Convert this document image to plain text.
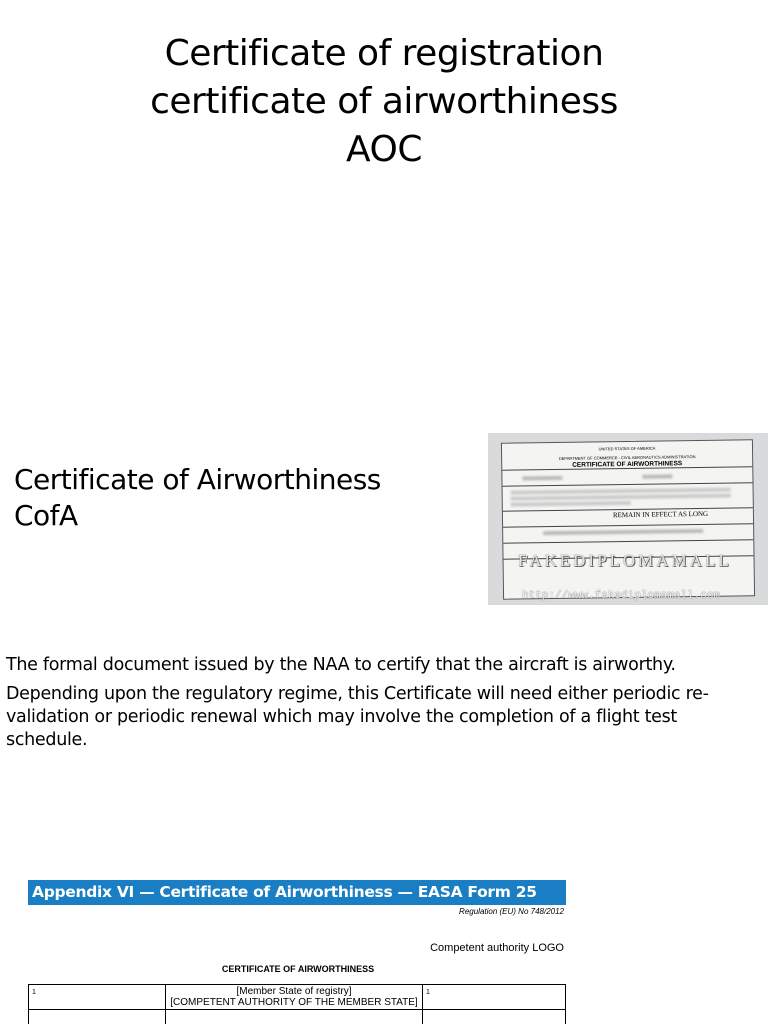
Certificate of registration
certificate of airworthiness
AOC
Certificate of Airworthiness
CofA
UNITED STATES OF AMERICA
DEPARTMENT OF COMMERCE - CIVIL AERONAUTICS ADMINISTRATION
CERTIFICATE OF AIRWORTHINESS
REMAIN IN EFFECT AS LONG
FAKEDIPLOMAMALL
http://www.fakediplomamall.com

The formal document issued by the NAA to certify that the aircraft is airworthy.

Depending upon the regulatory regime, this Certificate will need either periodic re-validation or periodic renewal which may involve the completion of a flight test schedule.

Appendix VI — Certificate of Airworthiness — EASA Form 25
Regulation (EU) No 748/2012
Competent authority LOGO
CERTIFICATE OF AIRWORTHINESS
1	[Member State of registry]
[COMPETENT AUTHORITY OF THE MEMBER STATE]	1
